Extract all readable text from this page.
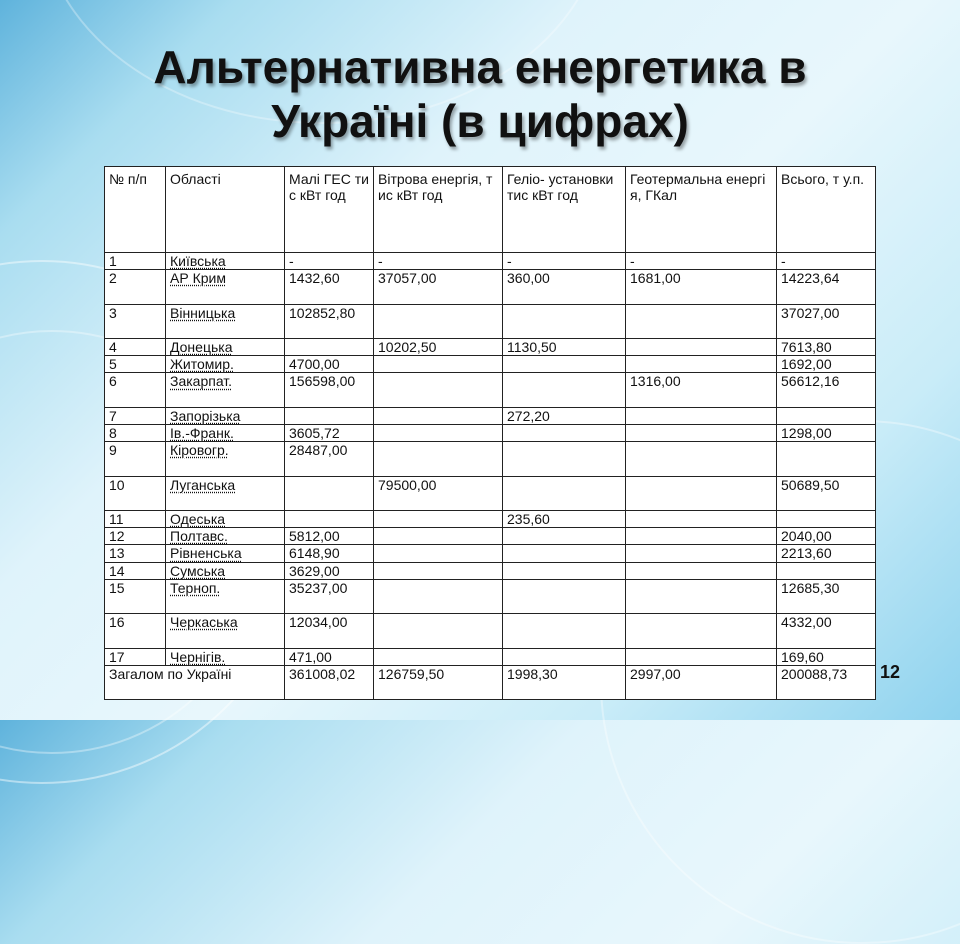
Альтернативна енергетика в
Україні (в цифрах)
№ п/п	Області	Малі ГЕС тис кВт год	Вітрова енергія, тис кВт год	Геліо- установки тис кВт год	Геотермальна енергія, ГКал	Всього, т у.п.
1	Київська	-	-	-	-	-
2	АР Крим	1432,60	37057,00	360,00	1681,00	14223,64
3	Вінницька	102852,80				37027,00
4	Донецька		10202,50	1130,50		7613,80
5	Житомир.	4700,00				1692,00
6	Закарпат.	156598,00			1316,00	56612,16
7	Запорізька			272,20		
8	Ів.-Франк.	3605,72				1298,00
9	Кіровогр.	28487,00				
10	Луганська		79500,00			50689,50
11	Одеська			235,60		
12	Полтавс.	5812,00				2040,00
13	Рівненська	6148,90				2213,60
14	Сумська	3629,00				
15	Терноп.	35237,00				12685,30
16	Черкаська	12034,00				4332,00
17	Чернігів.	471,00				169,60
Загалом по Україні		361008,02	126759,50	1998,30	2997,00	200088,73 12
